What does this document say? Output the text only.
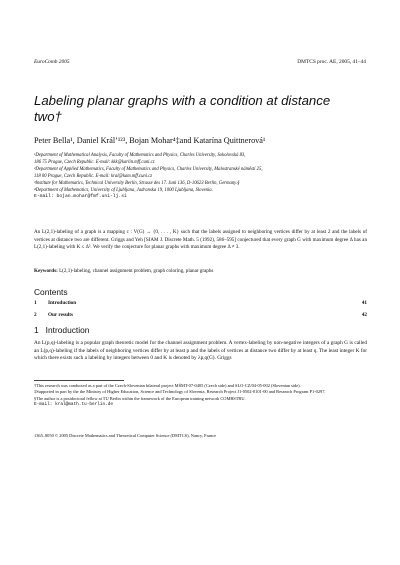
EuroComb 2005	DMTCS proc. AE, 2005, 41–44
Labeling planar graphs with a condition at distance two†
Peter Bella¹, Daniel Král’¹²³, Bojan Mohar⁴‡and Katarína Quittnerová¹
¹Department of Mathematical Analysis, Faculty of Mathematics and Physics, Charles University, Sokolovská 83,
186 75 Prague, Czech Republic. E-mail: kkk@karlin.mff.cuni.cz
²Department of Applied Mathematics, Faculty of Mathematics and Physics, Charles University, Malostranské náměstí 25,
118 00 Prague, Czech Republic. E-mail: kral@kam.mff.cuni.cz
³Institute for Mathematics, Technical University Berlin, Strasse des 17. Juni 136, D-10623 Berlin, Germany.§
⁴Department of Mathematics, University of Ljubljana, Jadranska 19, 1000 Ljubljana, Slovenia.
E-mail: bojan.mohar@fmf.uni-lj.si
An L(2,1)-labeling of a graph is a mapping c : V(G) → {0, . . . , K} such that the labels assigned to neighboring vertices differ by at least 2 and the labels of vertices at distance two are different. Griggs and Yeh [SIAM J. Discrete Math. 5 (1992), 586–595] conjectured that every graph G with maximum degree Δ has an L(2,1)-labeling with K ≤ Δ². We verify the conjecture for planar graphs with maximum degree Δ ≠ 3.
Keywords: L(2,1)-labeling, channel assignment problem, graph coloring, planar graphs
Contents
1	Introduction	41
2	Our results	42
1 Introduction
An L(p,q)-labeling is a popular graph theoretic model for the channel assignment problem. A vertex-labeling by non-negative integers of a graph G is called an L(p,q)-labeling if the labels of neighboring vertices differ by at least p and the labels of vertices at distance two differ by at least q. The least integer K for which there exists such a labeling by integers between 0 and K is denoted by λp,q(G). Griggs
†This research was conducted as a part of the Czech-Slovenian bilateral project MŠMT-07-0405 (Czech side) and SLO-CZ/04-05-002 (Slovenian side).
‡Supported in part by the the Ministry of Higher Education, Science and Technology of Slovenia, Research Project J1-0502-0101-00 and Research Program P1-0297.
§The author is a postdoctoral fellow at TU Berlin within the framework of the European training network COMBSTRU.
E-mail: kral@math.tu-berlin.de
1365–8050 © 2005 Discrete Mathematics and Theoretical Computer Science (DMTCS), Nancy, France
